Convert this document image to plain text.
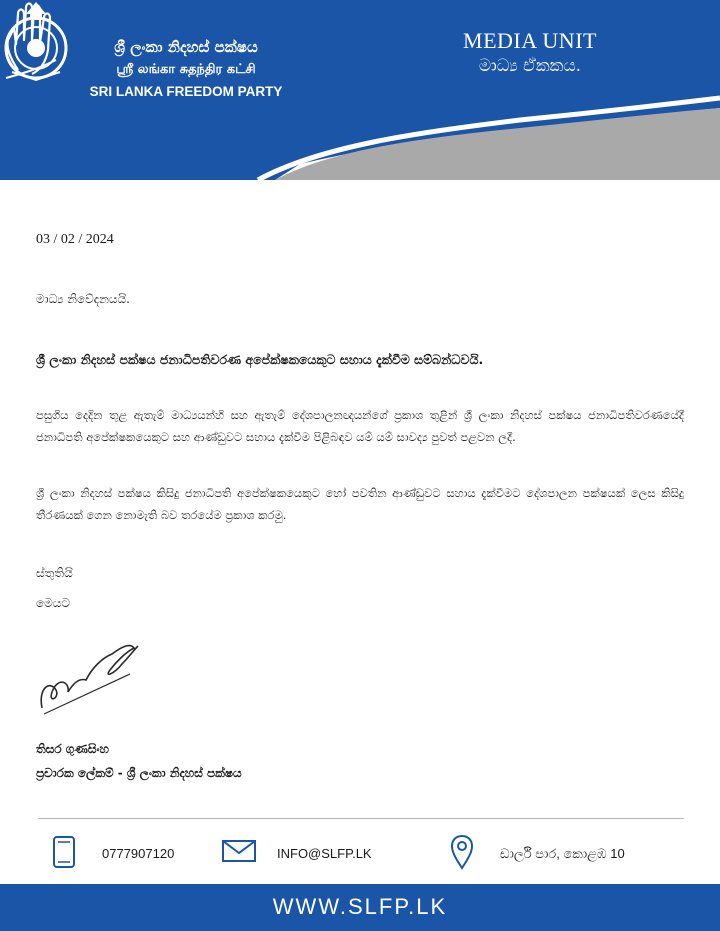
ශ්‍රී ලංකා නිදහස් පක්ෂය
ஸ்ரீ லங்கா சுதந்திர கட்சி
SRI LANKA FREEDOM PARTY
MEDIA UNIT
මාධ්‍ය ඒකකය.
03 / 02 / 2024
මාධ්‍ය නිවේදනයයි.
ශ්‍රී ලංකා නිදහස් පක්ෂය ජනාධිපතිවරණ අපේක්ෂකයෙකුට සහාය දැක්වීම සම්බන්ධවයි.
පසුගිය දෙදින තුළ ඇතැම් මාධ්‍යයන්හි සහ ඇතැම් දේශපාලනඥයන්ගේ ප්‍රකාශ තුළින් ශ්‍රී ලංකා නිදහස් පක්ෂය ජනාධිපතිවරණයේදී ජනාධිපති අපේක්ෂකයෙකුට සහ ආණ්ඩුවට සහාය දැක්වීම පිළිබඳව යම් යම් සාවද්‍ය පුවත් පළවන ලදී.
ශ්‍රී ලංකා නිදහස් පක්ෂය කිසිදු ජනාධිපති අපේක්ෂකයෙකුට හෝ පවතින ආණ්ඩුවට සහාය දැක්වීමට දේශපාලන පක්ෂයක් ලෙස කිසිදු තීරණයක් ගෙන නොමැති බව තරයේම ප්‍රකාශ කරමු.
ස්තුතියි
මෙයට
තිසර ගුණසිංහ
ප්‍රචාරක ලේකම් - ශ්‍රී ලංකා නිදහස් පක්ෂය
0777907120	INFO@SLFP.LK	ඩාර්ලි පාර, කොළඹ 10
WWW.SLFP.LK
